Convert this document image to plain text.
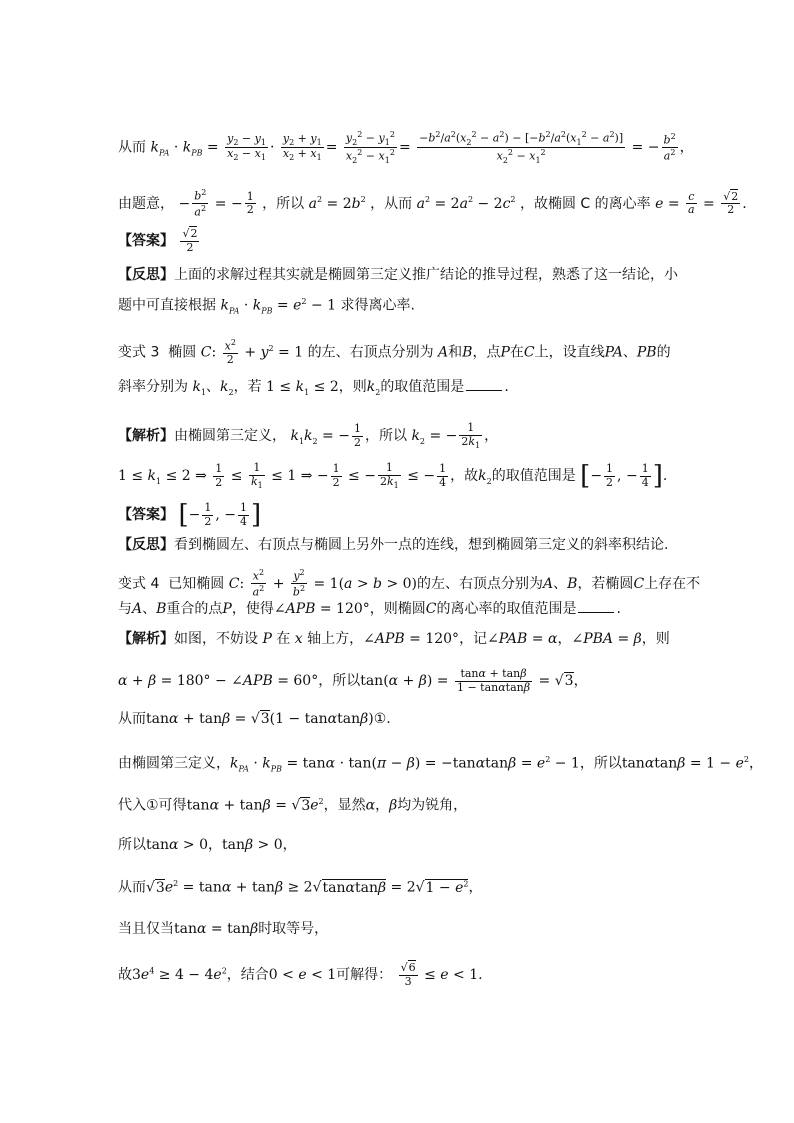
从而 $k_{PA} \cdot k_{PB} = \frac{y_2 - y_1}{x_2 - x_1} \cdot \frac{y_2 + y_1}{x_2 + x_1} = \frac{y_2^2 - y_1^2}{x_2^2 - x_1^2} = \frac{-b^2/a^2(x_2^2 - a^2) - [-b^2/a^2(x_1^2 - a^2)]}{x_2^2 - x_1^2}$ = − $\frac{b^2}{a^2}$ ，
由题意， − $\frac{b^2}{a^2}$ = − $\frac{1}{2}$ ，所以 $a^2 = 2b^2$ ，从而 $a^2 = 2a^2 - 2c^2$ ，故椭圆 C 的离心率 $e = \frac{c}{a} = \frac{√2}{2}$ .
【答案】 $\frac{√2}{2}$
【反思】上面的求解过程其实就是椭圆第三定义推广结论的推导过程，熟悉了这一结论，小
题中可直接根据 $k_{PA} \cdot k_{PB} = e^2 - 1$ 求得离心率.
变式 3 椭圆 C: $\frac{x^2}{2} + y^2 = 1$ 的左、右顶点分别为 A和B，点P在C上，设直线PA、PB的
斜率分别为 $k_1$、$k_2$，若 $1 \le k_1 \le 2$，则$k_2$的取值范围是	.
【解析】由椭圆第三定义， $k_1k_2$ = − $\frac{1}{2}$ ，所以 $k_2$ = − $\frac{1}{2k_1}$ ，
$1 \le k_1 \le 2$ ⇒ $\frac{1}{2} \le \frac{1}{k_1} \le 1$ ⇒ − $\frac{1}{2}$ ≤ − $\frac{1}{2k_1}$ ≤ − $\frac{1}{4}$ ，故$k_2$的取值范围是 [− $\frac{1}{2}$ , − $\frac{1}{4}$ ].
【答案】 [− $\frac{1}{2}$ , − $\frac{1}{4}$ ]
【反思】看到椭圆左、右顶点与椭圆上另外一点的连线，想到椭圆第三定义的斜率积结论.
变式 4 已知椭圆 C: $\frac{x^2}{a^2} + \frac{y^2}{b^2} = 1(a > b > 0)$的左、右顶点分别为A、B，若椭圆C上存在不
与A、B重合的点P，使得∠APB = 120°，则椭圆C的离心率的取值范围是	.
【解析】如图，不妨设 P 在 x 轴上方，∠APB = 120°，记∠PAB = α，∠PBA = β，则
α + β = 180° − ∠APB = 60°，所以$\tan(\alpha + \beta) = \frac{\tan\alpha + \tan\beta}{1 - \tan\alpha\tan\beta} = √3$，
从而tanα + tanβ = √3(1 − tanαtanβ)①.
由椭圆第三定义，$k_{PA} \cdot k_{PB} = \tan\alpha \cdot \tan(\pi - \beta) = -\tan\alpha\tan\beta = e^2 - 1$，所以$\tan\alpha\tan\beta = 1 - e^2$，
代入①可得$\tan\alpha + \tan\beta = √3e^2$，显然α，β均为锐角，
所以tanα > 0，tanβ > 0，
从而$√3e^2 = \tan\alpha + \tan\beta \ge 2√\tan\alpha\tan\beta = 2√1 - e^2$，
当且仅当tanα = tanβ时取等号，
故$3e^4 \ge 4 - 4e^2$，结合0 < e < 1可解得： $\frac{√6}{3} \le e < 1$.
